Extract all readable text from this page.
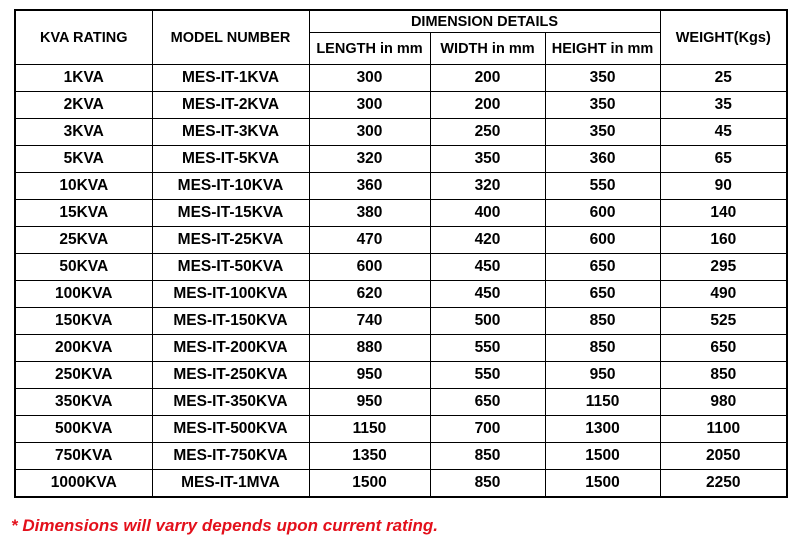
KVA RATING	MODEL NUMBER	DIMENSION DETAILS			WEIGHT(Kgs)
		LENGTH in mm	WIDTH in mm	HEIGHT in mm	
1KVA	MES-IT-1KVA	300	200	350	25
2KVA	MES-IT-2KVA	300	200	350	35
3KVA	MES-IT-3KVA	300	250	350	45
5KVA	MES-IT-5KVA	320	350	360	65
10KVA	MES-IT-10KVA	360	320	550	90
15KVA	MES-IT-15KVA	380	400	600	140
25KVA	MES-IT-25KVA	470	420	600	160
50KVA	MES-IT-50KVA	600	450	650	295
100KVA	MES-IT-100KVA	620	450	650	490
150KVA	MES-IT-150KVA	740	500	850	525
200KVA	MES-IT-200KVA	880	550	850	650
250KVA	MES-IT-250KVA	950	550	950	850
350KVA	MES-IT-350KVA	950	650	1150	980
500KVA	MES-IT-500KVA	1150	700	1300	1100
750KVA	MES-IT-750KVA	1350	850	1500	2050
1000KVA	MES-IT-1MVA	1500	850	1500	2250
* Dimensions will varry depends upon current rating.
